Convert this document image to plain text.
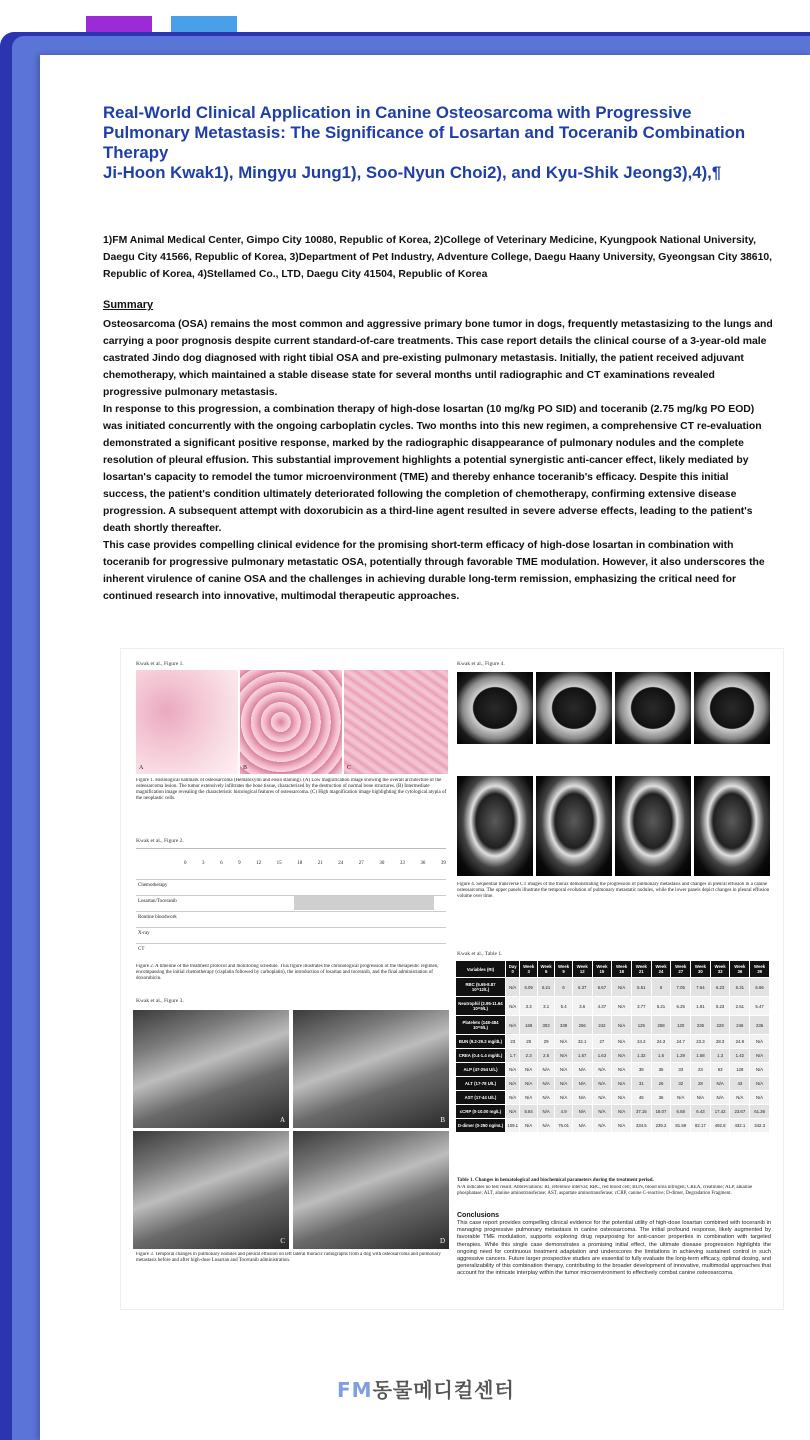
Real-World Clinical Application in Canine Osteosarcoma with Progressive Pulmonary Metastasis: The Significance of Losartan and Toceranib Combination Therapy
Ji-Hoon Kwak1), Mingyu Jung1), Soo-Nyun Choi2), and Kyu-Shik Jeong3),4),¶
1)FM Animal Medical Center, Gimpo City 10080, Republic of Korea, 2)College of Veterinary Medicine, Kyungpook National University, Daegu City 41566, Republic of Korea, 3)Department of Pet Industry, Adventure College, Daegu Haany University, Gyeongsan City 38610, Republic of Korea, 4)Stellamed Co., LTD, Daegu City 41504, Republic of Korea
Summary

Osteosarcoma (OSA) remains the most common and aggressive primary bone tumor in dogs, frequently metastasizing to the lungs and carrying a poor prognosis despite current standard-of-care treatments. This case report details the clinical course of a 3-year-old male castrated Jindo dog diagnosed with right tibial OSA and pre-existing pulmonary metastasis. Initially, the patient received adjuvant chemotherapy, which maintained a stable disease state for several months until radiographic and CT examinations revealed progressive pulmonary metastasis.

In response to this progression, a combination therapy of high-dose losartan (10 mg/kg PO SID) and toceranib (2.75 mg/kg PO EOD) was initiated concurrently with the ongoing carboplatin cycles. Two months into this new regimen, a comprehensive CT re-evaluation demonstrated a significant positive response, marked by the radiographic disappearance of pulmonary nodules and the complete resolution of pleural effusion. This substantial improvement highlights a potential synergistic anti-cancer effect, likely mediated by losartan's capacity to remodel the tumor microenvironment (TME) and thereby enhance toceranib's efficacy. Despite this initial success, the patient's condition ultimately deteriorated following the completion of chemotherapy, confirming extensive disease progression. A subsequent attempt with doxorubicin as a third-line agent resulted in severe adverse effects, leading to the patient's death shortly thereafter.

This case provides compelling clinical evidence for the promising short-term efficacy of high-dose losartan in combination with toceranib for progressive pulmonary metastatic OSA, potentially through favorable TME modulation. However, it also underscores the inherent virulence of canine OSA and the challenges in achieving durable long-term remission, emphasizing the critical need for continued research into innovative, multimodal therapeutic approaches.

Kwak et al., Figure 1.
A	B	C
Figure 1. Histological hallmark of osteosarcoma (Hematoxylin and eosin staining). (A) Low magnification image showing the overall architecture of the osteosarcoma lesion. The tumor extensively infiltrates the bone tissue, characterized by the destruction of normal bone structures. (B) Intermediate magnification image revealing the characteristic histological features of osteosarcoma. (C) High magnification image highlighting the cytological atypia of the neoplastic cells.
Kwak et al., Figure 2.
0	3	6	9	12	15	18	21	24	27	30	33	36	39
Chemotherapy
Losartan/Toceranib
Routine bloodwork
X-ray
CT
Figure 2. A timeline of the treatment protocol and monitoring schedule. This figure illustrates the chronological progression of the therapeutic regimen, encompassing the initial chemotherapy (cisplatin followed by carboplatin), the introduction of losartan and toceranib, and the final administration of doxorubicin.
Kwak et al., Figure 3.
A	B
C	D
Figure 3. Temporal changes in pulmonary nodules and pleural effusion on left lateral thoracic radiographs from a dog with osteosarcoma and pulmonary metastasis before and after high-dose Losartan and Toceranib administration.
Kwak et al., Figure 4.
Figure 4. Sequential transverse CT images of the thorax demonstrating the progression of pulmonary metastasis and changes in pleural effusion in a canine osteosarcoma. The upper panels illustrate the temporal evolution of pulmonary metastatic nodules, while the lower panels depict changes in pleural effusion volume over time.
Kwak et al., Table 1.
Variables (RI)	Day 0	Week 3	Week 6	Week 9	Week 12	Week 15	Week 18	Week 21	Week 24	Week 27	Week 30	Week 33	Week 36	Week 39
RBC (5.65-8.87 10^12/L)	N/A	6.09	6.21	6	6.37	6.67	N/A	6.61	6	7.05	7.64	6.23	6.31	6.66
Neutrophil (2.95-11.64 10^9/L)	N/A	3.3	3.1	5.4	3.6	4.37	N/A	3.77	5.21	6.25	1.81	5.23	2.51	5.47
Platelets (148-484 10^9/L)	N/A	169	302	339	256	242	N/A	125	258	120	236	228	246	236
BUN (9.2-29.2 mg/dL)	23	28	29	N/A	32.1	27	N/A	24.2	24.3	24.7	23.3	28.3	24.8	N/A
CREA (0.4-1.4 mg/dL)	1.7	2.3	2.5	N/A	1.57	1.63	N/A	1.32	1.5	1.29	1.58	1.3	1.42	N/A
ALP (47-254 U/L)	N/A	N/A	N/A	N/A	N/A	N/A	N/A	38	35	33	23	63	128	N/A
ALT (17-78 U/L)	N/A	N/A	N/A	N/A	N/A	N/A	N/A	31	26	32	28	N/A	43	N/A
AST (17-44 U/L)	N/A	N/A	N/A	N/A	N/A	N/A	N/A	46	36	N/A	N/A	N/A	N/A	N/A
cCRP (0-10.00 mg/L)	N/A	5.84	N/A	4.9	N/A	N/A	N/A	37.15	18.07	6.58	6.43	17.42	23.67	61.36
D-dimer (0-250 ng/mL)	109.1	N/A	N/A	76.01	N/A	N/A	N/A	334.5	239.2	81.59	82.17	492.8	432.1	342.3
Table 1. Changes in hematological and biochemical parameters during the treatment period.
N/A indicates no test result. Abbreviations: RI, reference interval; RBC, red blood cell; BUN, blood urea nitrogen; CREA, creatinine; ALP, alkaline phosphatase; ALT, alanine aminotransferase; AST, aspartate aminotransferase; cCRP, canine C-reactive; D-dimer, Degradation Fragment.
Conclusions
This case report provides compelling clinical evidence for the potential utility of high-dose losartan combined with toceranib in managing progressive pulmonary metastasis in canine osteosarcoma. The initial profound response, likely augmented by favorable TME modulation, supports exploring drug repurposing for anti-cancer properties in combination with targeted therapies. While this single case demonstrates a promising initial effect, the ultimate disease progression highlights the ongoing need for continuous treatment adaptation and underscores the limitations in achieving sustained control in such aggressive cancers. Future larger prospective studies are essential to fully evaluate the long-term efficacy, optimal dosing, and generalizability of this combination therapy, contributing to the broader development of innovative, multimodal approaches that account for the intricate interplay within the tumor microenvironment to effectively combat canine osteosarcoma.
FM동물메디컬센터
